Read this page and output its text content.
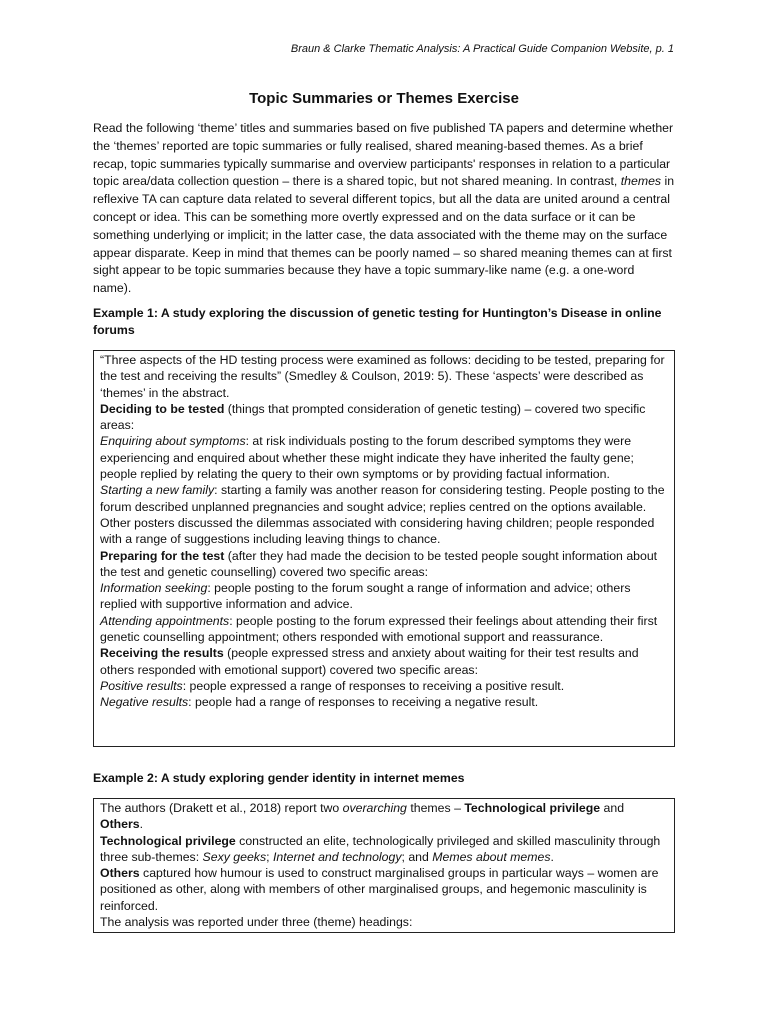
Braun & Clarke Thematic Analysis: A Practical Guide Companion Website, p. 1
Topic Summaries or Themes Exercise

Read the following ‘theme’ titles and summaries based on five published TA papers and determine whether the ‘themes’ reported are topic summaries or fully realised, shared meaning-based themes. As a brief recap, topic summaries typically summarise and overview participants' responses in relation to a particular topic area/data collection question – there is a shared topic, but not shared meaning. In contrast, themes in reflexive TA can capture data related to several different topics, but all the data are united around a central concept or idea. This can be something more overtly expressed and on the data surface or it can be something underlying or implicit; in the latter case, the data associated with the theme may on the surface appear disparate. Keep in mind that themes can be poorly named – so shared meaning themes can at first sight appear to be topic summaries because they have a topic summary-like name (e.g. a one-word name).

Example 1: A study exploring the discussion of genetic testing for Huntington’s Disease in online forums

“Three aspects of the HD testing process were examined as follows: deciding to be tested, preparing for the test and receiving the results” (Smedley & Coulson, 2019: 5). These ‘aspects’ were described as ‘themes’ in the abstract.

Deciding to be tested (things that prompted consideration of genetic testing) – covered two specific areas:

Enquiring about symptoms: at risk individuals posting to the forum described symptoms they were experiencing and enquired about whether these might indicate they have inherited the faulty gene; people replied by relating the query to their own symptoms or by providing factual information.

Starting a new family: starting a family was another reason for considering testing. People posting to the forum described unplanned pregnancies and sought advice; replies centred on the options available. Other posters discussed the dilemmas associated with considering having children; people responded with a range of suggestions including leaving things to chance.

Preparing for the test (after they had made the decision to be tested people sought information about the test and genetic counselling) covered two specific areas:

Information seeking: people posting to the forum sought a range of information and advice; others replied with supportive information and advice.

Attending appointments: people posting to the forum expressed their feelings about attending their first genetic counselling appointment; others responded with emotional support and reassurance.

Receiving the results (people expressed stress and anxiety about waiting for their test results and others responded with emotional support) covered two specific areas:

Positive results: people expressed a range of responses to receiving a positive result.

Negative results: people had a range of responses to receiving a negative result.

Example 2: A study exploring gender identity in internet memes

The authors (Drakett et al., 2018) report two overarching themes – Technological privilege and Others.

Technological privilege constructed an elite, technologically privileged and skilled masculinity through three sub-themes: Sexy geeks; Internet and technology; and Memes about memes.

Others captured how humour is used to construct marginalised groups in particular ways – women are positioned as other, along with members of other marginalised groups, and hegemonic masculinity is reinforced.

The analysis was reported under three (theme) headings:
